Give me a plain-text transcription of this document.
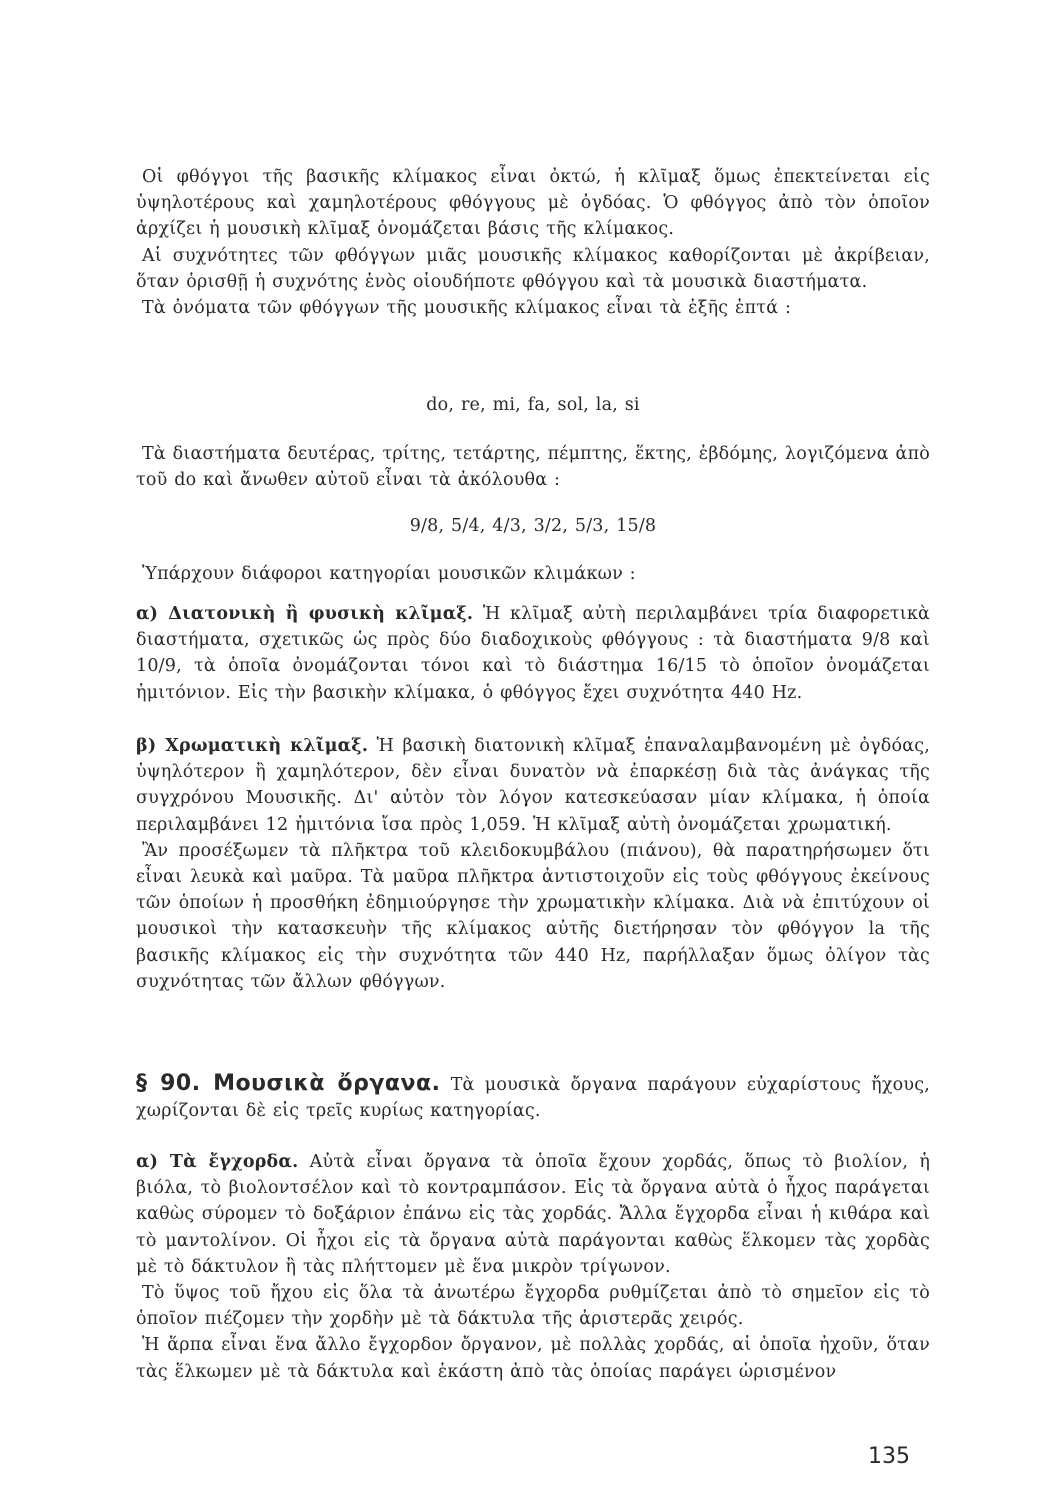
Οἱ φθόγγοι τῆς βασικῆς κλίμακος εἶναι ὀκτώ, ἡ κλῖμαξ ὅμως ἐπεκτείνεται εἰς ὑψηλοτέρους καὶ χαμηλοτέρους φθόγγους μὲ ὀγδόας. Ὁ φθόγγος ἀπὸ τὸν ὁποῖον ἀρχίζει ἡ μουσικὴ κλῖμαξ ὀνομάζεται βάσις τῆς κλίμακος.

Αἱ συχνότητες τῶν φθόγγων μιᾶς μουσικῆς κλίμακος καθορίζονται μὲ ἀκρίβειαν, ὅταν ὁρισθῇ ἡ συχνότης ἑνὸς οἱουδήποτε φθόγγου καὶ τὰ μουσικὰ διαστήματα.

Τὰ ὀνόματα τῶν φθόγγων τῆς μουσικῆς κλίμακος εἶναι τὰ ἑξῆς ἑπτά :

do, re, mi, fa, sol, la, si

Τὰ διαστήματα δευτέρας, τρίτης, τετάρτης, πέμπτης, ἕκτης, ἑβδόμης, λογιζόμενα ἀπὸ τοῦ do καὶ ἄνωθεν αὐτοῦ εἶναι τὰ ἀκόλουθα :

9/8, 5/4, 4/3, 3/2, 5/3, 15/8

Ὑπάρχουν διάφοροι κατηγορίαι μουσικῶν κλιμάκων :

α) Διατονικὴ ἢ φυσικὴ κλῖμαξ. Ἡ κλῖμαξ αὐτὴ περιλαμβάνει τρία διαφορετικὰ διαστήματα, σχετικῶς ὡς πρὸς δύο διαδοχικοὺς φθόγγους : τὰ διαστήματα 9/8 καὶ 10/9, τὰ ὁποῖα ὀνομάζονται τόνοι καὶ τὸ διάστημα 16/15 τὸ ὁποῖον ὀνομάζεται ἡμιτόνιον. Εἰς τὴν βασικὴν κλίμακα, ὁ φθόγγος ἔχει συχνότητα 440 Hz.

β) Χρωματικὴ κλῖμαξ. Ἡ βασικὴ διατονικὴ κλῖμαξ ἐπαναλαμβανομένη μὲ ὀγδόας, ὑψηλότερον ἢ χαμηλότερον, δὲν εἶναι δυνατὸν νὰ ἐπαρκέσῃ διὰ τὰς ἀνάγκας τῆς συγχρόνου Μουσικῆς. Δι' αὐτὸν τὸν λόγον κατεσκεύασαν μίαν κλίμακα, ἡ ὁποία περιλαμβάνει 12 ἡμιτόνια ἴσα πρὸς 1,059. Ἡ κλῖμαξ αὐτὴ ὀνομάζεται χρωματική.

Ἂν προσέξωμεν τὰ πλῆκτρα τοῦ κλειδοκυμβάλου (πιάνου), θὰ παρατηρήσωμεν ὅτι εἶναι λευκὰ καὶ μαῦρα. Τὰ μαῦρα πλῆκτρα ἀντιστοιχοῦν εἰς τοὺς φθόγγους ἐκείνους τῶν ὁποίων ἡ προσθήκη ἐδημιούργησε τὴν χρωματικὴν κλίμακα. Διὰ νὰ ἐπιτύχουν οἱ μουσικοὶ τὴν κατασκευὴν τῆς κλίμακος αὐτῆς διετήρησαν τὸν φθόγγον la τῆς βασικῆς κλίμακος εἰς τὴν συχνότητα τῶν 440 Hz, παρήλλαξαν ὅμως ὀλίγον τὰς συχνότητας τῶν ἄλλων φθόγγων.

§ 90. Μουσικὰ ὄργανα. Τὰ μουσικὰ ὄργανα παράγουν εὐχαρίστους ἤχους, χωρίζονται δὲ εἰς τρεῖς κυρίως κατηγορίας.

α) Τὰ ἔγχορδα. Αὐτὰ εἶναι ὄργανα τὰ ὁποῖα ἔχουν χορδάς, ὅπως τὸ βιολίον, ἡ βιόλα, τὸ βιολοντσέλον καὶ τὸ κοντραμπάσον. Εἰς τὰ ὄργανα αὐτὰ ὁ ἦχος παράγεται καθὼς σύρομεν τὸ δοξάριον ἐπάνω εἰς τὰς χορδάς. Ἄλλα ἔγχορδα εἶναι ἡ κιθάρα καὶ τὸ μαντολίνον. Οἱ ἦχοι εἰς τὰ ὄργανα αὐτὰ παράγονται καθὼς ἕλκομεν τὰς χορδὰς μὲ τὸ δάκτυλον ἢ τὰς πλήττομεν μὲ ἕνα μικρὸν τρίγωνον.

Τὸ ὕψος τοῦ ἤχου εἰς ὅλα τὰ ἀνωτέρω ἔγχορδα ρυθμίζεται ἀπὸ τὸ σημεῖον εἰς τὸ ὁποῖον πιέζομεν τὴν χορδὴν μὲ τὰ δάκτυλα τῆς ἀριστερᾶς χειρός.

Ἡ ἅρπα εἶναι ἕνα ἄλλο ἔγχορδον ὄργανον, μὲ πολλὰς χορδάς, αἱ ὁποῖα ἠχοῦν, ὅταν τὰς ἕλκωμεν μὲ τὰ δάκτυλα καὶ ἑκάστη ἀπὸ τὰς ὁποίας παράγει ὡρισμένον

135
